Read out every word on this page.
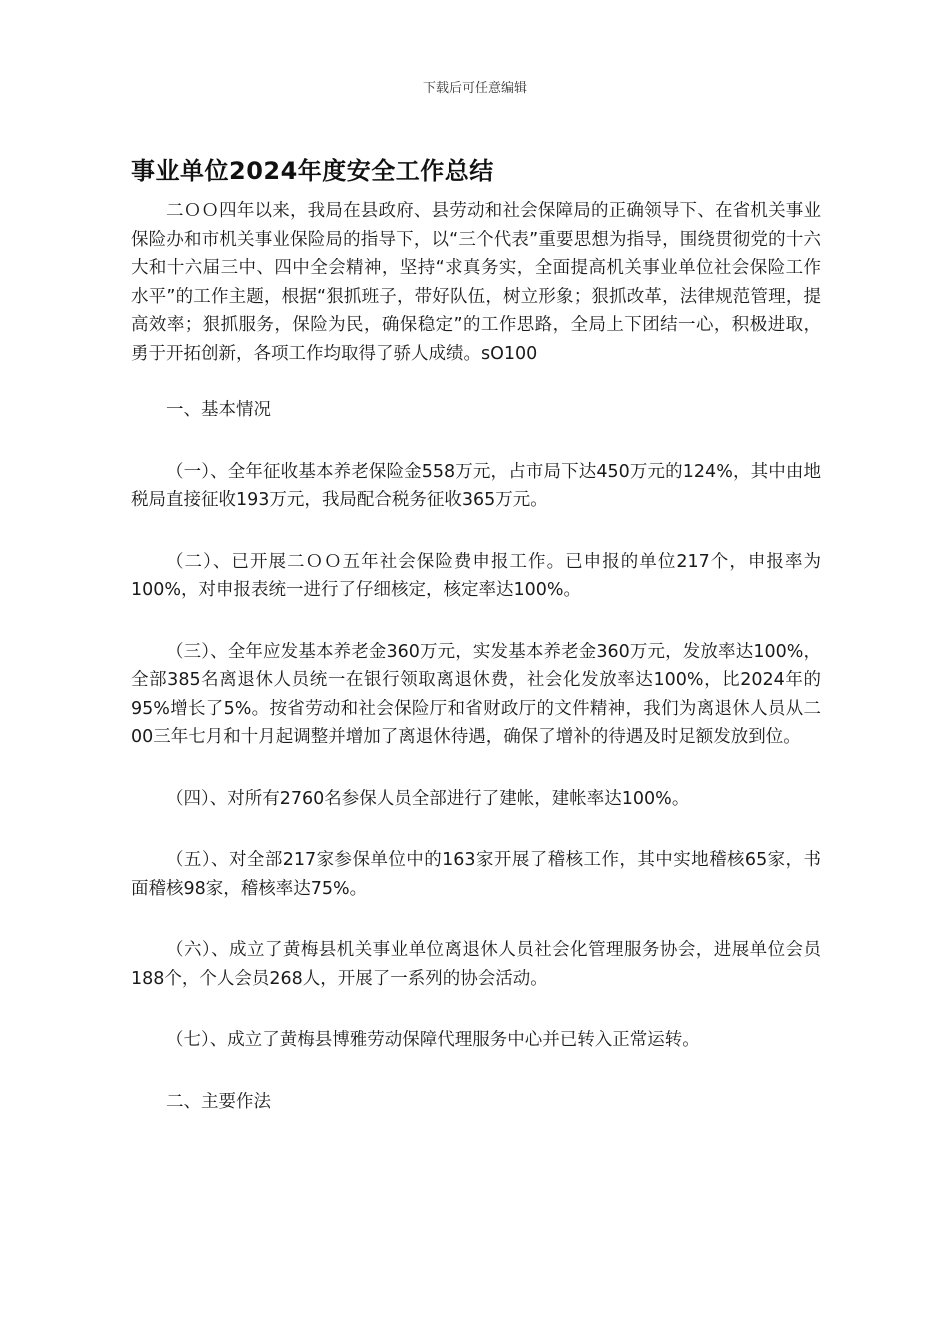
下载后可任意编辑
事业单位2024年度安全工作总结

二ＯＯ四年以来，我局在县政府、县劳动和社会保障局的正确领导下、在省机关事业保险办和市机关事业保险局的指导下，以“三个代表”重要思想为指导，围绕贯彻党的十六大和十六届三中、四中全会精神，坚持“求真务实，全面提高机关事业单位社会保险工作水平”的工作主题，根据“狠抓班子，带好队伍，树立形象；狠抓改革，法律规范管理，提高效率；狠抓服务，保险为民，确保稳定”的工作思路，全局上下团结一心，积极进取，勇于开拓创新，各项工作均取得了骄人成绩。sO100

一、基本情况

（一）、全年征收基本养老保险金558万元，占市局下达450万元的124%，其中由地税局直接征收193万元，我局配合税务征收365万元。

（二）、已开展二ＯＯ五年社会保险费申报工作。已申报的单位217个，申报率为100%，对申报表统一进行了仔细核定，核定率达100%。

（三）、全年应发基本养老金360万元，实发基本养老金360万元，发放率达100%，全部385名离退休人员统一在银行领取离退休费，社会化发放率达100%，比2024年的95%增长了5%。按省劳动和社会保险厅和省财政厅的文件精神，我们为离退休人员从二00三年七月和十月起调整并增加了离退休待遇，确保了增补的待遇及时足额发放到位。

（四）、对所有2760名参保人员全部进行了建帐，建帐率达100%。

（五）、对全部217家参保单位中的163家开展了稽核工作，其中实地稽核65家，书面稽核98家，稽核率达75%。

（六）、成立了黄梅县机关事业单位离退休人员社会化管理服务协会，进展单位会员188个，个人会员268人，开展了一系列的协会活动。

（七）、成立了黄梅县博雅劳动保障代理服务中心并已转入正常运转。

二、主要作法
